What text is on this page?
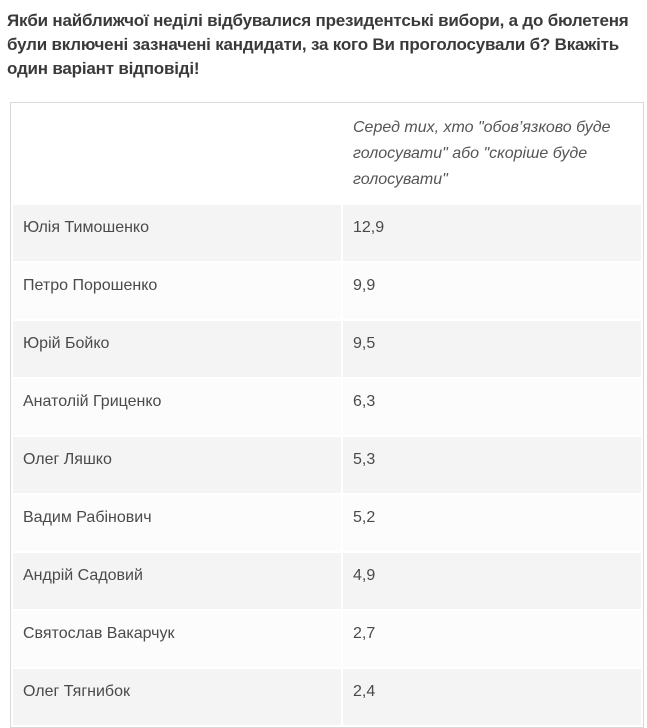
Якби найближчої неділі відбувалися президентські вибори, а до бюлетеня були включені зазначені кандидати, за кого Ви проголосували б? Вкажіть один варіант відповіді!
	Серед тих, хто "обов’язково буде голосувати" або "скоріше буде голосувати"
Юлія Тимошенко	12,9
Петро Порошенко	9,9
Юрій Бойко	9,5
Анатолій Гриценко	6,3
Олег Ляшко	5,3
Вадим Рабінович	5,2
Андрій Садовий	4,9
Святослав Вакарчук	2,7
Олег Тягнибок	2,4
